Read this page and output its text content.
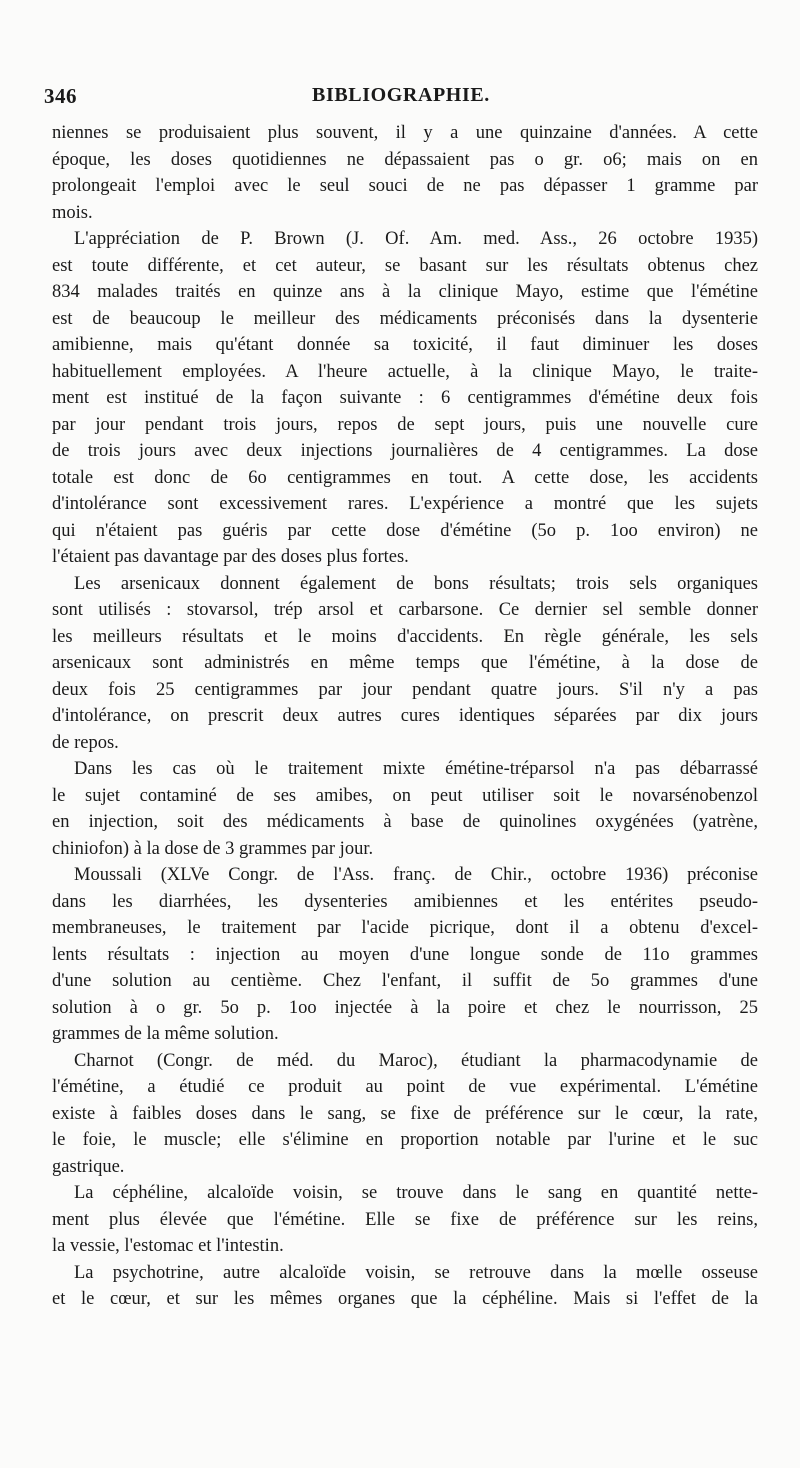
346	BIBLIOGRAPHIE.
niennes se produisaient plus souvent, il y a une quinzaine d'années. A cette
époque, les doses quotidiennes ne dépassaient pas o gr. o6; mais on en
prolongeait l'emploi avec le seul souci de ne pas dépasser 1 gramme par
mois.
L'appréciation de P. Brown (J. Of. Am. med. Ass., 26 octobre 1935)
est toute différente, et cet auteur, se basant sur les résultats obtenus chez
834 malades traités en quinze ans à la clinique Mayo, estime que l'émétine
est de beaucoup le meilleur des médicaments préconisés dans la dysenterie
amibienne, mais qu'étant donnée sa toxicité, il faut diminuer les doses
habituellement employées. A l'heure actuelle, à la clinique Mayo, le traite-
ment est institué de la façon suivante : 6 centigrammes d'émétine deux fois
par jour pendant trois jours, repos de sept jours, puis une nouvelle cure
de trois jours avec deux injections journalières de 4 centigrammes. La dose
totale est donc de 6o centigrammes en tout. A cette dose, les accidents
d'intolérance sont excessivement rares. L'expérience a montré que les sujets
qui n'étaient pas guéris par cette dose d'émétine (5o p. 1oo environ) ne
l'étaient pas davantage par des doses plus fortes.
Les arsenicaux donnent également de bons résultats; trois sels organiques
sont utilisés : stovarsol, trép arsol et carbarsone. Ce dernier sel semble donner
les meilleurs résultats et le moins d'accidents. En règle générale, les sels
arsenicaux sont administrés en même temps que l'émétine, à la dose de
deux fois 25 centigrammes par jour pendant quatre jours. S'il n'y a pas
d'intolérance, on prescrit deux autres cures identiques séparées par dix jours
de repos.
Dans les cas où le traitement mixte émétine-tréparsol n'a pas débarrassé
le sujet contaminé de ses amibes, on peut utiliser soit le novarsénobenzol
en injection, soit des médicaments à base de quinolines oxygénées (yatrène,
chiniofon) à la dose de 3 grammes par jour.
Moussali (XLVe Congr. de l'Ass. franç. de Chir., octobre 1936) préconise
dans les diarrhées, les dysenteries amibiennes et les entérites pseudo-
membraneuses, le traitement par l'acide picrique, dont il a obtenu d'excel-
lents résultats : injection au moyen d'une longue sonde de 11o grammes
d'une solution au centième. Chez l'enfant, il suffit de 5o grammes d'une
solution à o gr. 5o p. 1oo injectée à la poire et chez le nourrisson, 25
grammes de la même solution.
Charnot (Congr. de méd. du Maroc), étudiant la pharmacodynamie de
l'émétine, a étudié ce produit au point de vue expérimental. L'émétine
existe à faibles doses dans le sang, se fixe de préférence sur le cœur, la rate,
le foie, le muscle; elle s'élimine en proportion notable par l'urine et le suc
gastrique.
La céphéline, alcaloïde voisin, se trouve dans le sang en quantité nette-
ment plus élevée que l'émétine. Elle se fixe de préférence sur les reins,
la vessie, l'estomac et l'intestin.
La psychotrine, autre alcaloïde voisin, se retrouve dans la mœlle osseuse
et le cœur, et sur les mêmes organes que la céphéline. Mais si l'effet de la
